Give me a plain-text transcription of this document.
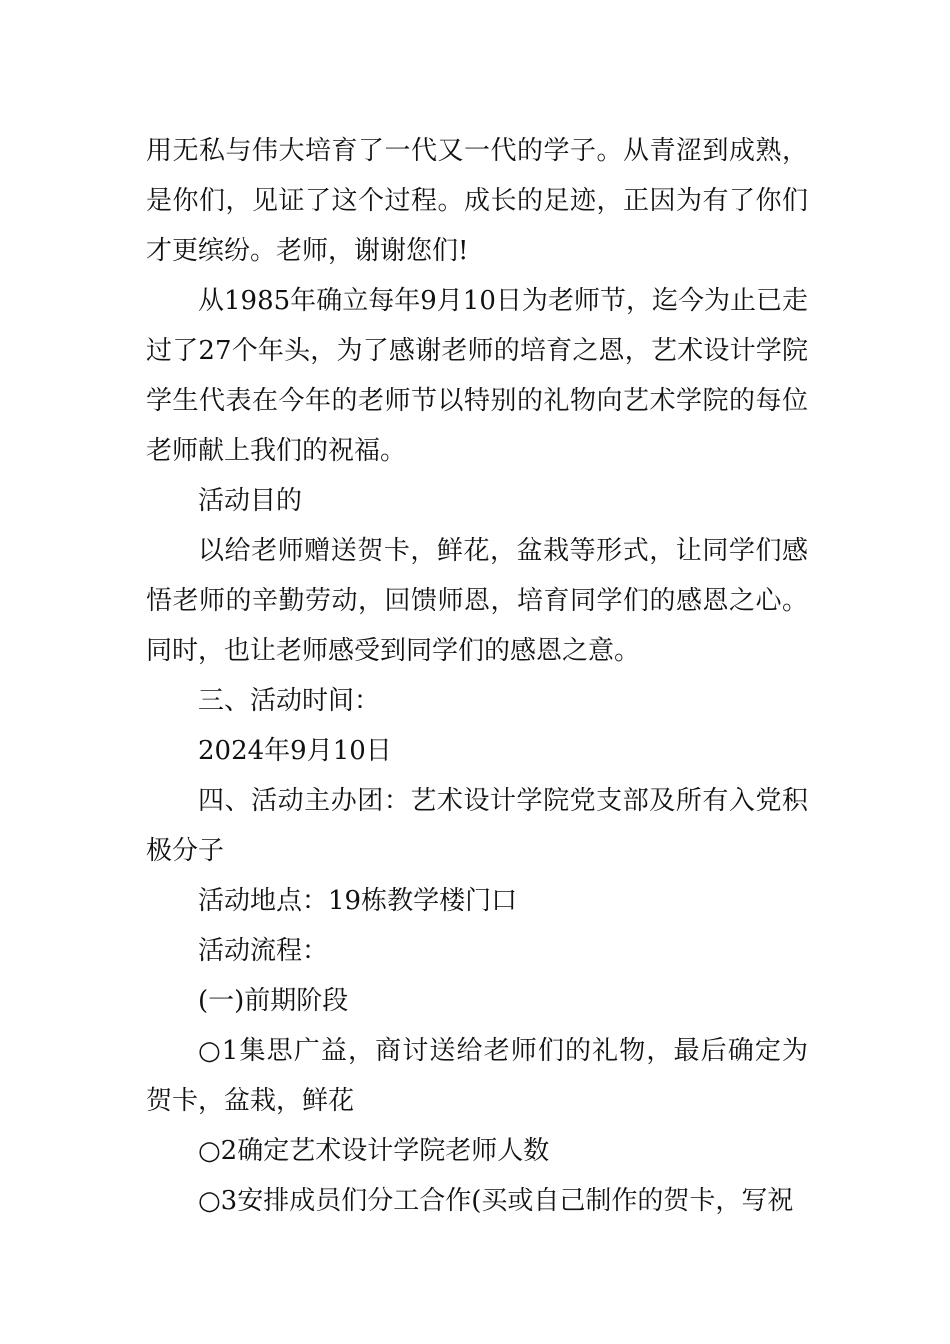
用无私与伟大培育了一代又一代的学子。从青涩到成熟，是你们，见证了这个过程。成长的足迹，正因为有了你们才更缤纷。老师，谢谢您们!

从1985年确立每年9月10日为老师节，迄今为止已走过了27个年头，为了感谢老师的培育之恩，艺术设计学院学生代表在今年的老师节以特别的礼物向艺术学院的每位老师献上我们的祝福。

活动目的

以给老师赠送贺卡，鲜花，盆栽等形式，让同学们感悟老师的辛勤劳动，回馈师恩，培育同学们的感恩之心。同时，也让老师感受到同学们的感恩之意。

三、活动时间：

2024年9月10日

四、活动主办团：艺术设计学院党支部及所有入党积极分子

活动地点：19栋教学楼门口

活动流程：

(一)前期阶段

○1集思广益，商讨送给老师们的礼物，最后确定为贺卡，盆栽，鲜花

○2确定艺术设计学院老师人数

○3安排成员们分工合作(买或自己制作的贺卡，写祝
